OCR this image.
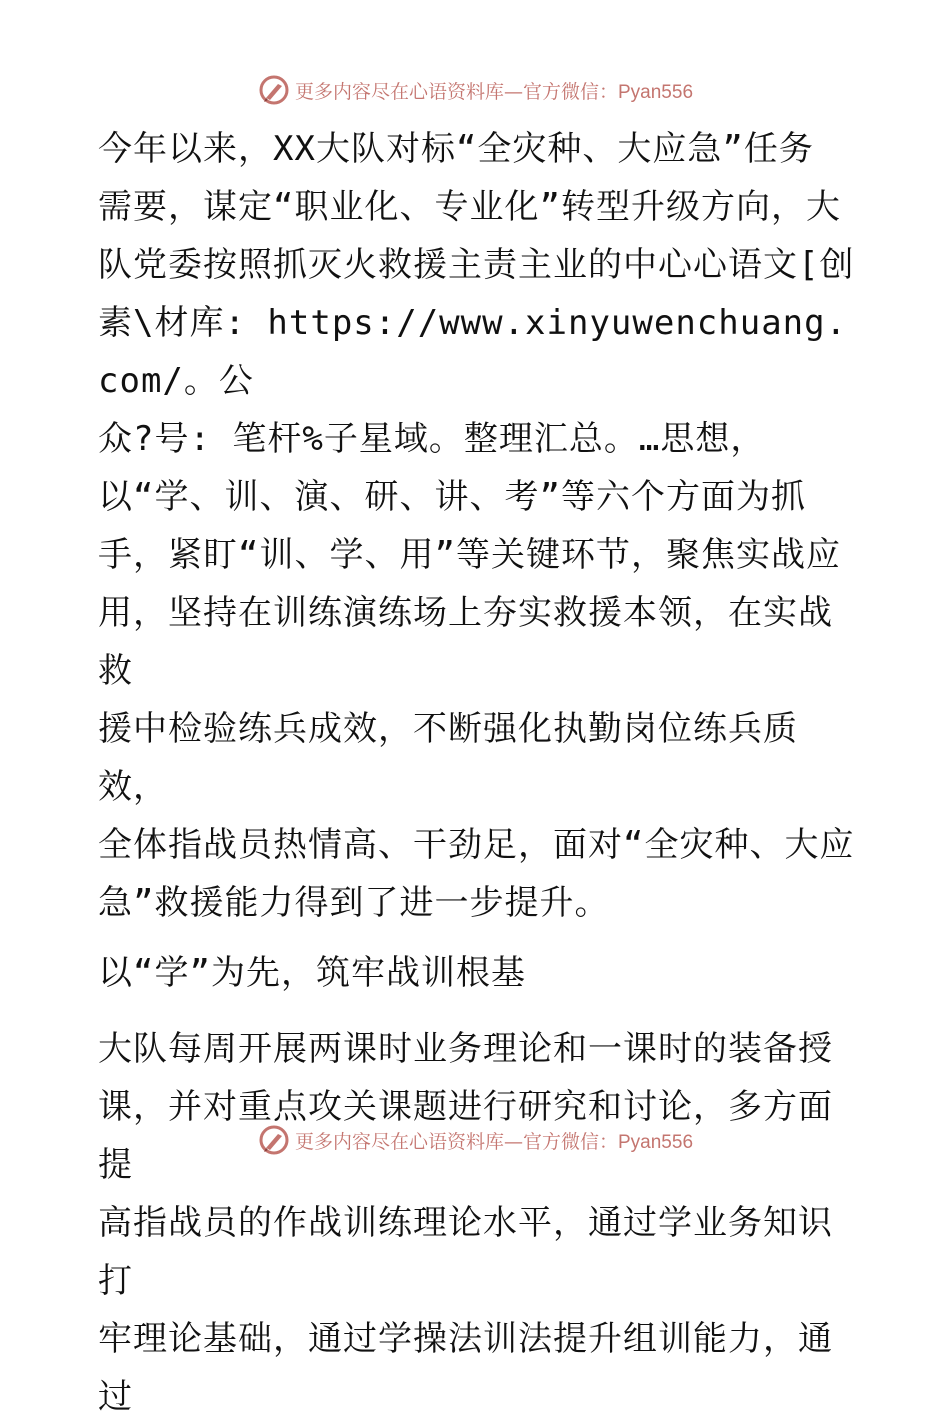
更多内容尽在心语资料库—官方微信：Pyan556
今年以来，XX大队对标“全灾种、大应急”任务
需要，谋定“职业化、专业化”转型升级方向，大
队党委按照抓灭火救援主责主业的中心心语文[创
素\材库: https://www.xinyuwenchuang.com/。公
众?号: 笔杆%子星域。整理汇总。…思想，
以“学、训、演、研、讲、考”等六个方面为抓
手，紧盯“训、学、用”等关键环节，聚焦实战应
用，坚持在训练演练场上夯实救援本领，在实战救
援中检验练兵成效，不断强化执勤岗位练兵质效，
全体指战员热情高、干劲足，面对“全灾种、大应
急”救援能力得到了进一步提升。
以“学”为先，筑牢战训根基
大队每周开展两课时业务理论和一课时的装备授
课，并对重点攻关课题进行研究和讨论，多方面提
高指战员的作战训练理论水平，通过学业务知识打
牢理论基础，通过学操法训法提升组训能力，通过
更多内容尽在心语资料库—官方微信：Pyan556
